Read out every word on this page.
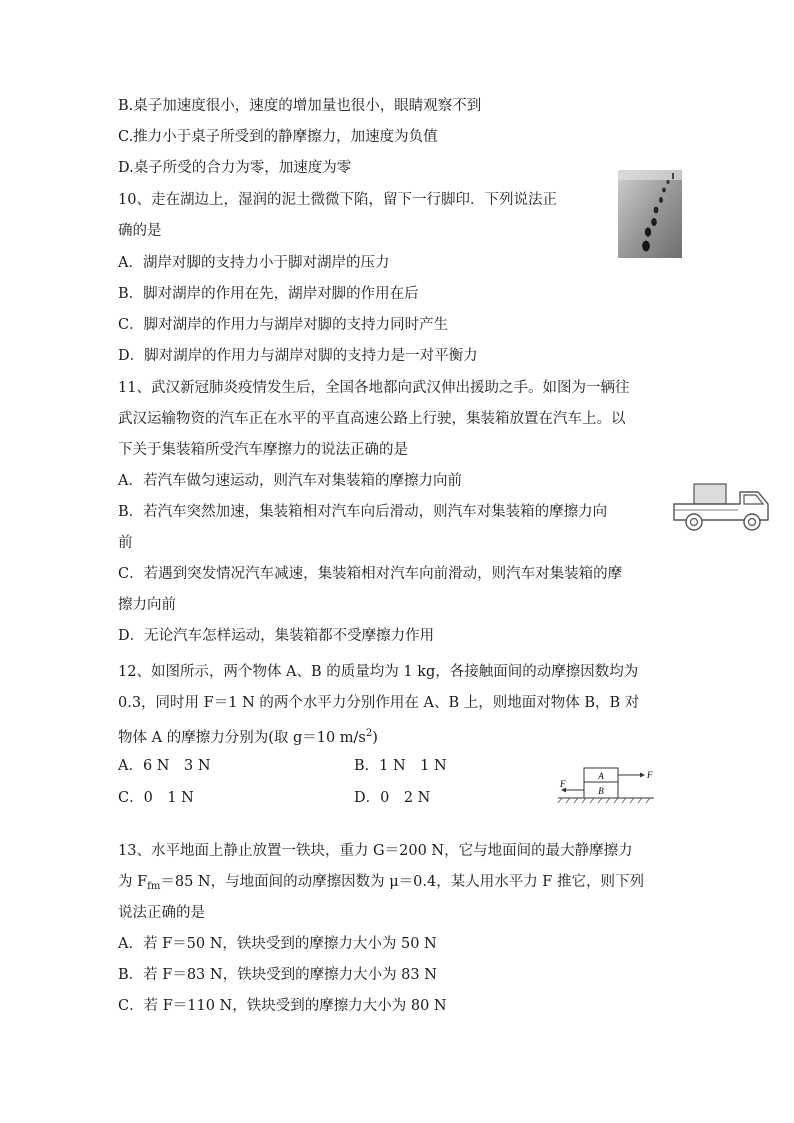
B.桌子加速度很小，速度的增加量也很小，眼睛观察不到
C.推力小于桌子所受到的静摩擦力，加速度为负值
D.桌子所受的合力为零，加速度为零
10、走在湖边上，湿润的泥土微微下陷，留下一行脚印．下列说法正
确的是
A．湖岸对脚的支持力小于脚对湖岸的压力
B．脚对湖岸的作用在先，湖岸对脚的作用在后
C．脚对湖岸的作用力与湖岸对脚的支持力同时产生
D．脚对湖岸的作用力与湖岸对脚的支持力是一对平衡力
11、武汉新冠肺炎疫情发生后，全国各地都向武汉伸出援助之手。如图为一辆往
武汉运输物资的汽车正在水平的平直高速公路上行驶，集装箱放置在汽车上。以
下关于集装箱所受汽车摩擦力的说法正确的是
A．若汽车做匀速运动，则汽车对集装箱的摩擦力向前
B．若汽车突然加速，集装箱相对汽车向后滑动，则汽车对集装箱的摩擦力向
前
C．若遇到突发情况汽车减速，集装箱相对汽车向前滑动，则汽车对集装箱的摩
擦力向前
D．无论汽车怎样运动，集装箱都不受摩擦力作用
12、如图所示，两个物体 A、B 的质量均为 1 kg，各接触面间的动摩擦因数均为
0.3，同时用 F＝1 N 的两个水平力分别作用在 A、B 上，则地面对物体 B，B 对
物体 A 的摩擦力分别为(取 g＝10 $m/s^2$)
A．6 N　3 N	B．1 N　1 N
C．0　1 N	D．0　2 N
A
B
F
F
13、水平地面上静止放置一铁块，重力 G＝200 N，它与地面间的最大静摩擦力
为 $F_{fm}=85$ N，与地面间的动摩擦因数为 μ＝0.4，某人用水平力 F 推它，则下列
说法正确的是
A．若 F＝50 N，铁块受到的摩擦力大小为 50 N
B．若 F＝83 N，铁块受到的摩擦力大小为 83 N
C．若 F＝110 N，铁块受到的摩擦力大小为 80 N
